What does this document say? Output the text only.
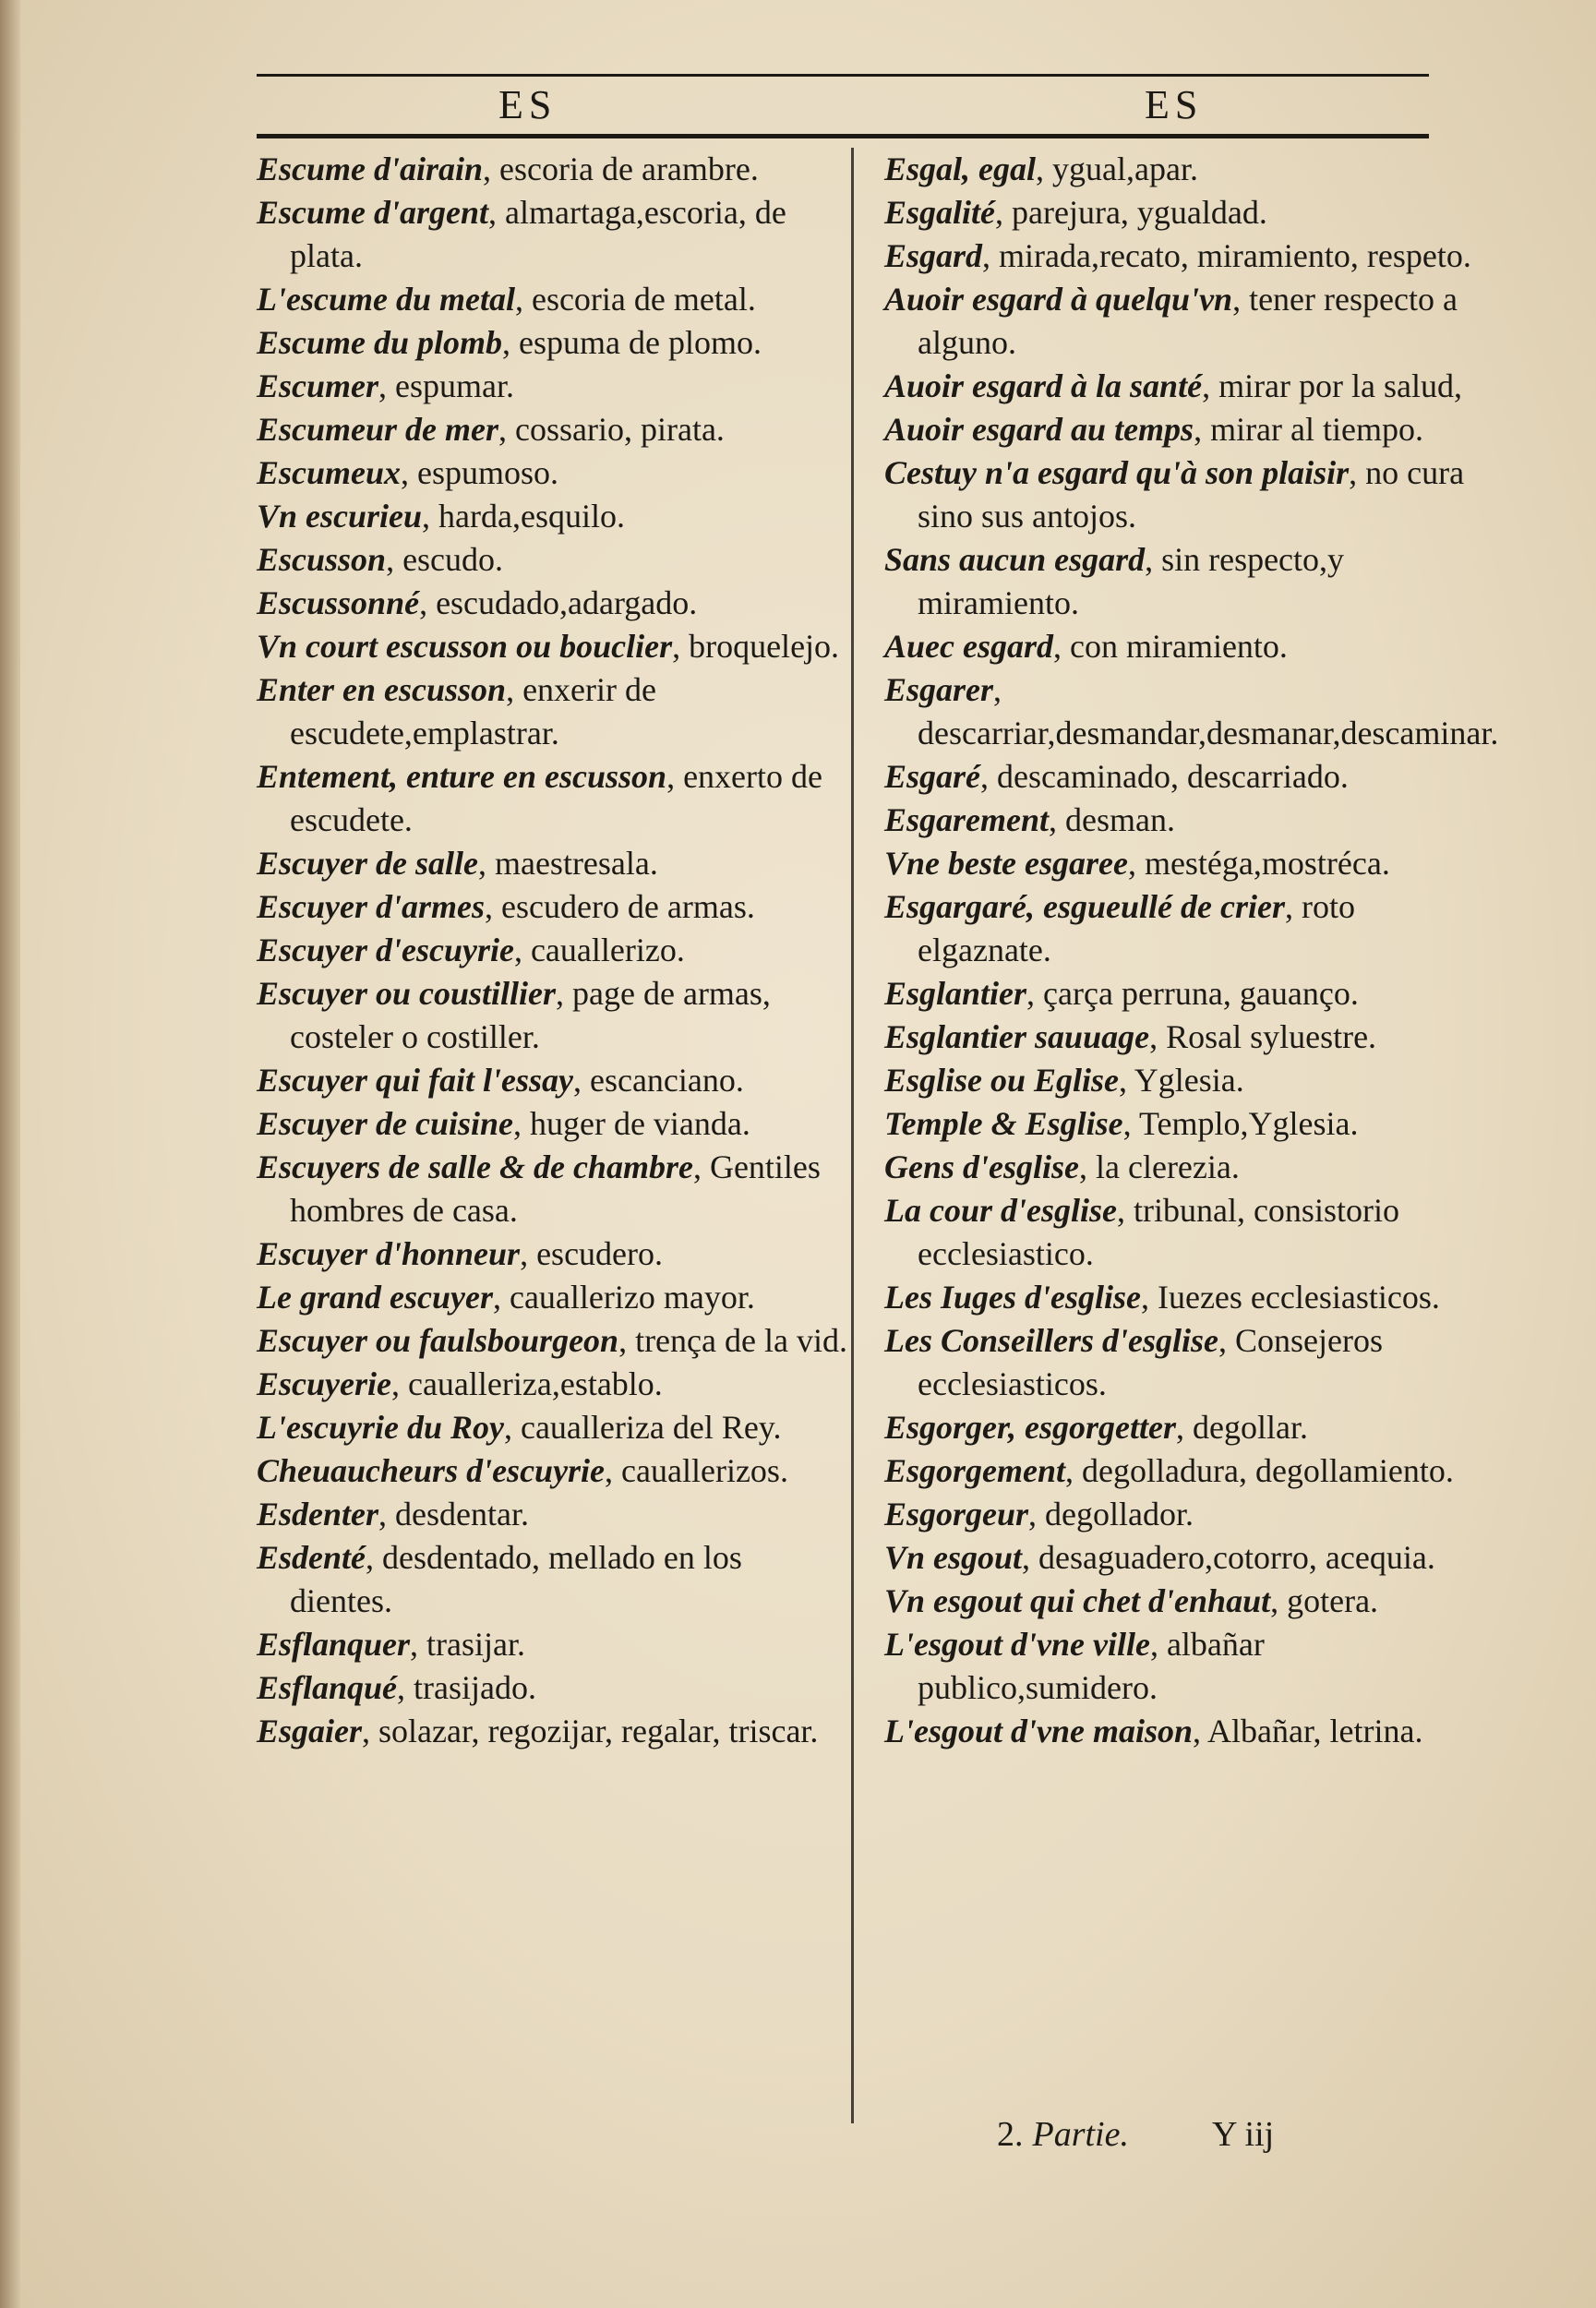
ES	ES

Escume d'airain, escoria de arambre.

Escume d'argent, almartaga,escoria, de plata.

L'escume du metal, escoria de metal.

Escume du plomb, espuma de plomo.

Escumer, espumar.

Escumeur de mer, cossario, pirata.

Escumeux, espumoso.

Vn escurieu, harda,esquilo.

Escusson, escudo.

Escussonné, escudado,adargado.

Vn court escusson ou bouclier, broquelejo.

Enter en escusson, enxerir de escudete,emplastrar.

Entement, enture en escusson, enxerto de escudete.

Escuyer de salle, maestresala.

Escuyer d'armes, escudero de armas.

Escuyer d'escuyrie, cauallerizo.

Escuyer ou coustillier, page de armas, costeler o costiller.

Escuyer qui fait l'essay, escanciano.

Escuyer de cuisine, huger de vianda.

Escuyers de salle & de chambre, Gentiles hombres de casa.

Escuyer d'honneur, escudero.

Le grand escuyer, cauallerizo mayor.

Escuyer ou faulsbourgeon, trença de la vid.

Escuyerie, caualleriza,establo.

L'escuyrie du Roy, caualleriza del Rey.

Cheuaucheurs d'escuyrie, cauallerizos.

Esdenter, desdentar.

Esdenté, desdentado, mellado en los dientes.

Esflanquer, trasijar.

Esflanqué, trasijado.

Esgaier, solazar, regozijar, regalar, triscar.

Esgal, egal, ygual,apar.

Esgalité, parejura, ygualdad.

Esgard, mirada,recato, miramiento, respeto.

Auoir esgard à quelqu'vn, tener respecto a alguno.

Auoir esgard à la santé, mirar por la salud,

Auoir esgard au temps, mirar al tiempo.

Cestuy n'a esgard qu'à son plaisir, no cura sino sus antojos.

Sans aucun esgard, sin respecto,y miramiento.

Auec esgard, con miramiento.

Esgarer, descarriar,desmandar,desmanar,descaminar.

Esgaré, descaminado, descarriado.

Esgarement, desman.

Vne beste esgaree, mestéga,mostréca.

Esgargaré, esgueullé de crier, roto elgaznate.

Esglantier, çarça perruna, gauanço.

Esglantier sauuage, Rosal syluestre.

Esglise ou Eglise, Yglesia.

Temple & Esglise, Templo,Yglesia.

Gens d'esglise, la clerezia.

La cour d'esglise, tribunal, consistorio ecclesiastico.

Les Iuges d'esglise, Iuezes ecclesiasticos.

Les Conseillers d'esglise, Consejeros ecclesiasticos.

Esgorger, esgorgetter, degollar.

Esgorgement, degolladura, degollamiento.

Esgorgeur, degollador.

Vn esgout, desaguadero,cotorro, acequia.

Vn esgout qui chet d'enhaut, gotera.

L'esgout d'vne ville, albañar publico,sumidero.

L'esgout d'vne maison, Albañar, letrina.

2. Partie. Y iij
